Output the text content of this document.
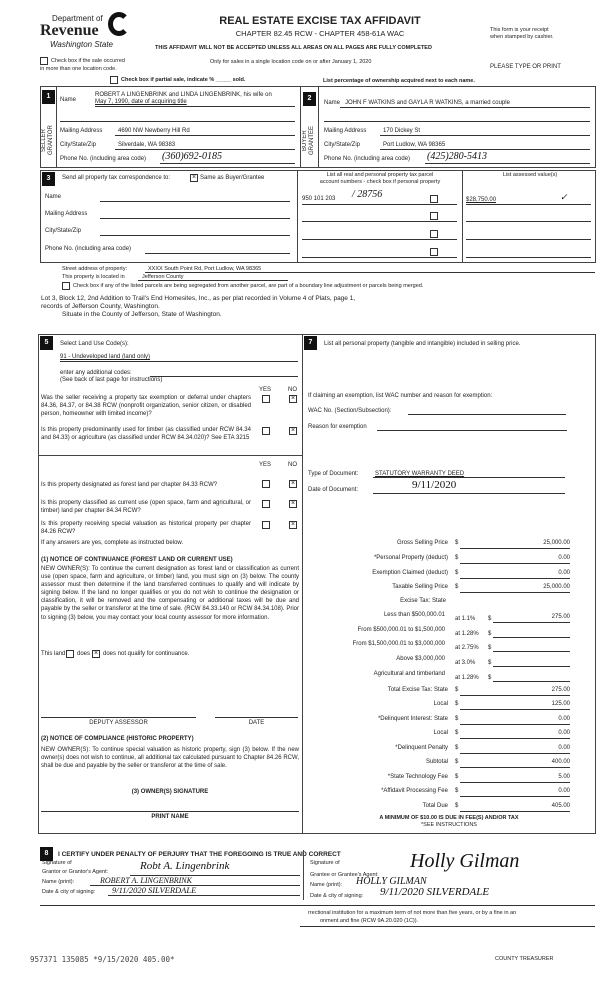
Department of
Revenue
Washington State
REAL ESTATE EXCISE TAX AFFIDAVIT
CHAPTER 82.45 RCW - CHAPTER 458-61A WAC
THIS AFFIDAVIT WILL NOT BE ACCEPTED UNLESS ALL AREAS ON ALL PAGES ARE FULLY COMPLETED
Only for sales in a single location code on or after January 1, 2020
This form is your receipt
when stamped by cashier.
PLEASE TYPE OR PRINT
Check box if the sale occurred
in more than one location code.
Check box if partial sale, indicate % _____ sold.	List percentage of ownership acquired next to each name.
1
SELLER GRANTOR
Name
ROBERT A LINGENBRINK and LINDA LINGENBRINK, his wife on
May 7, 1990, date of acquiring title
Mailing Address	4690 NW Newberry Hill Rd
City/State/Zip	Silverdale, WA 98383
Phone No. (including area code) (360)692-0185
2
BUYER GRANTEE
Name JOHN F WATKINS and GAYLA R WATKINS, a married couple
Mailing Address	170 Dickey St
City/State/Zip	Port Ludlow, WA 98365
Phone No. (including area code) (425)280-5413
3	Send all property tax correspondence to:	× Same as Buyer/Grantee
Name
Mailing Address
City/State/Zip
Phone No. (including area code)
List all real and personal property tax parcel
account numbers - check box if personal property
List assessed value(s)
950 101 203 / 28756	$28,750.00	✓
Street address of property:	XXXX South Point Rd, Port Ludlow, WA 98365
This property is located in	Jefferson County
Check box if any of the listed parcels are being segregated from another parcel, are part of a boundary line adjustment or parcels being merged.
Lot 3, Block 12, 2nd Addition to Trail's End Homesites, Inc., as per plat recorded in Volume 4 of Plats, page 1,
records of Jefferson County, Washington.
Situate in the County of Jefferson, State of Washington.
5	Select Land Use Code(s):
91 - Undeveloped land (land only)
enter any additional codes:
(See back of last page for instructions)
YES	NO
Was the seller receiving a property tax exemption or deferral under chapters 84.36, 84.37, or 84.38 RCW (nonprofit organization, senior citizen, or disabled person, homeowner with limited income)?
×
Is this property predominantly used for timber (as classified under RCW 84.34 and 84.33) or agriculture (as classified under RCW 84.34.020)? See ETA 3215
×
YES	NO
Is this property designated as forest land per chapter 84.33 RCW?	×
Is this property classified as current use (open space, farm and agricultural, or timber) land per chapter 84.34 RCW?
×
Is this property receiving special valuation as historical property per chapter 84.26 RCW?
×
If any answers are yes, complete as instructed below.
(1) NOTICE OF CONTINUANCE (FOREST LAND OR CURRENT USE)
NEW OWNER(S): To continue the current designation as forest land or classification as current use (open space, farm and agriculture, or timber) land, you must sign on (3) below. The county assessor must then determine if the land transferred continues to qualify and will indicate by signing below. If the land no longer qualifies or you do not wish to continue the designation or classification, it will be removed and the compensating or additional taxes will be due and payable by the seller or transferor at the time of sale. (RCW 84.33.140 or RCW 84.34.108). Prior to signing (3) below, you may contact your local county assessor for more information.
This land does × does not qualify for continuance.
DEPUTY ASSESSOR	DATE
(2) NOTICE OF COMPLIANCE (HISTORIC PROPERTY)
NEW OWNER(S): To continue special valuation as historic property, sign (3) below. If the new owner(s) does not wish to continue, all additional tax calculated pursuant to Chapter 84.26 RCW, shall be due and payable by the seller or transferor at the time of sale.
(3) OWNER(S) SIGNATURE
PRINT NAME
7	List all personal property (tangible and intangible) included in selling price.
If claiming an exemption, list WAC number and reason for exemption:
WAC No. (Section/Subsection):
Reason for exemption
Type of Document:	STATUTORY WARRANTY DEED
Date of Document:	9/11/2020
Gross Selling Price $	25,000.00
*Personal Property (deduct) $	0.00
Exemption Claimed (deduct) $	0.00
Taxable Selling Price $	25,000.00
Excise Tax: State
Less than $500,000.01
at 1.1% $	275.00
From $500,000.01 to $1,500,000
at 1.28% $
From $1,500,000.01 to $3,000,000
at 2.75% $
Above $3,000,000
at 3.0% $
Agricultural and timberland
at 1.28% $
Total Excise Tax: State $	275.00
Local $	125.00
*Delinquent Interest: State $	0.00
Local $	0.00
*Delinquent Penalty $	0.00
Subtotal $	400.00
*State Technology Fee $	5.00
*Affidavit Processing Fee $	0.00
Total Due $	405.00
A MINIMUM OF $10.00 IS DUE IN FEE(S) AND/OR TAX
*SEE INSTRUCTIONS
8	I CERTIFY UNDER PENALTY OF PERJURY THAT THE FOREGOING IS TRUE AND CORRECT
Signature of
Grantor or Grantor's Agent:	Robt A. Lingenbrink
Name (print):	ROBERT A. LINGENBRINK
Date & city of signing: 9/11/2020 SILVERDALE
Signature of
Grantee or Grantee's Agent:
Holly Gilman
Name (print): HOLLY GILMAN
Date & city of signing: 9/11/2020 SILVERDALE
rrectional institution for a maximum term of not more than five years, or by a fine in an
onment and fine (RCW 9A.20.020 (1C)).
957371 135085 *9/15/2020 405.00*	COUNTY TREASURER
